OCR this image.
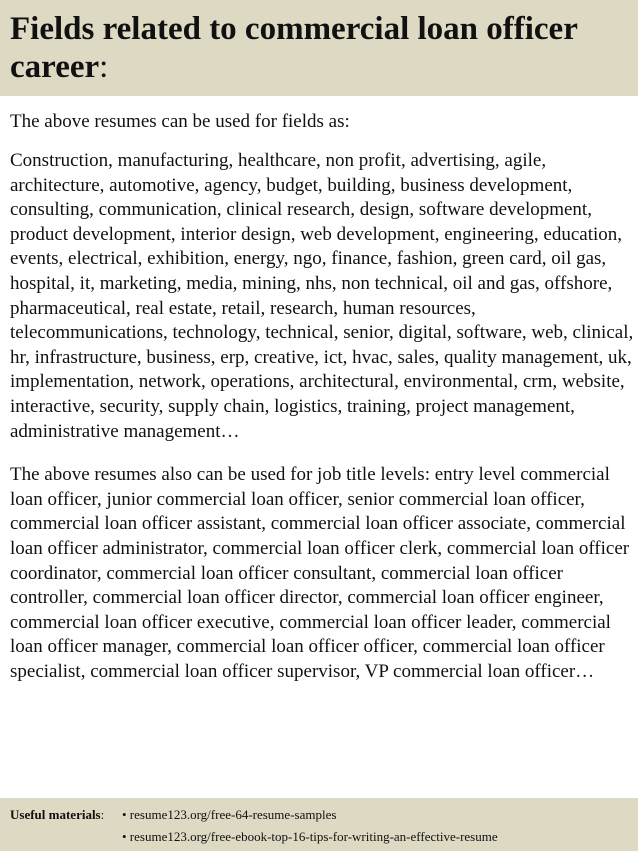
Fields related to commercial loan officer career:

The above resumes can be used for fields as:

Construction, manufacturing, healthcare, non profit, advertising, agile, architecture, automotive, agency, budget, building, business development, consulting, communication, clinical research, design, software development, product development, interior design, web development, engineering, education, events, electrical, exhibition, energy, ngo, finance, fashion, green card, oil gas, hospital, it, marketing, media, mining, nhs, non technical, oil and gas, offshore, pharmaceutical, real estate, retail, research, human resources, telecommunications, technology, technical, senior, digital, software, web, clinical, hr, infrastructure, business, erp, creative, ict, hvac, sales, quality management, uk, implementation, network, operations, architectural, environmental, crm, website, interactive, security, supply chain, logistics, training, project management, administrative management…

The above resumes also can be used for job title levels: entry level commercial loan officer, junior commercial loan officer, senior commercial loan officer, commercial loan officer assistant, commercial loan officer associate, commercial loan officer administrator, commercial loan officer clerk, commercial loan officer coordinator, commercial loan officer consultant, commercial loan officer controller, commercial loan officer director, commercial loan officer engineer, commercial loan officer executive, commercial loan officer leader, commercial loan officer manager, commercial loan officer officer, commercial loan officer specialist, commercial loan officer supervisor, VP commercial loan officer…

Useful materials:	• resume123.org/free-64-resume-samples
• resume123.org/free-ebook-top-16-tips-for-writing-an-effective-resume
